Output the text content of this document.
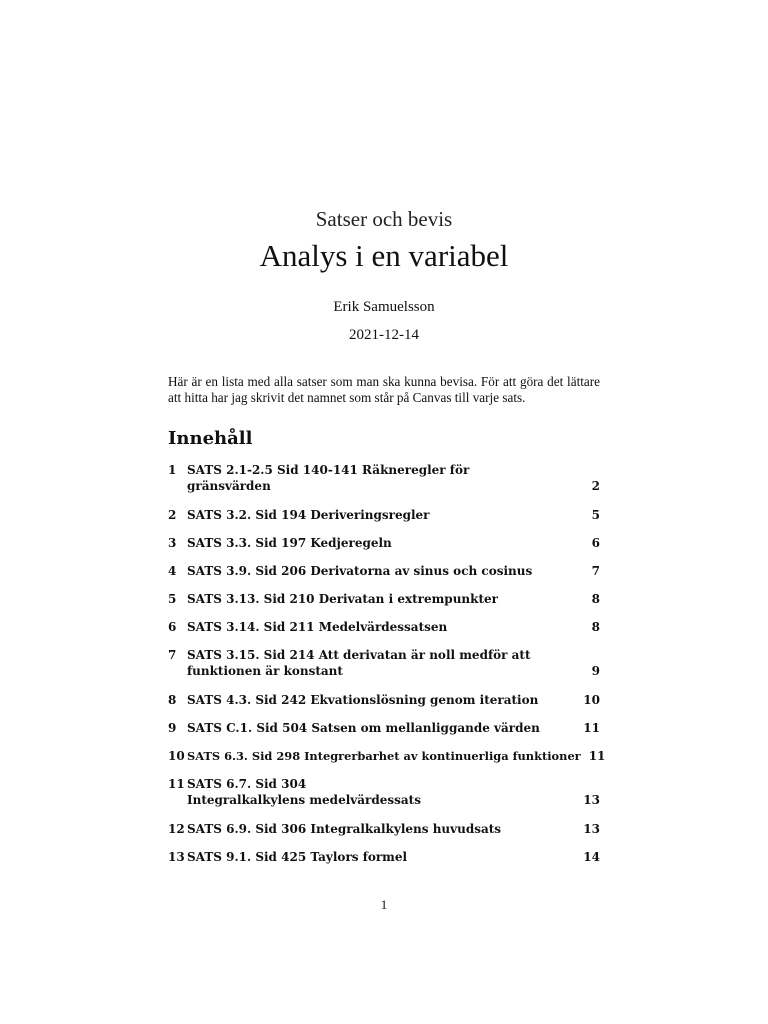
Satser och bevis
Analys i en variabel
Erik Samuelsson
2021-12-14

Här är en lista med alla satser som man ska kunna bevisa. För att göra det lättare att hitta har jag skrivit det namnet som står på Canvas till varje sats.

Innehåll
1 SATS 2.1-2.5 Sid 140-141 Räkneregler för gränsvärden	2
2 SATS 3.2. Sid 194 Deriveringsregler	5
3 SATS 3.3. Sid 197 Kedjeregeln	6
4 SATS 3.9. Sid 206 Derivatorna av sinus och cosinus	7
5 SATS 3.13. Sid 210 Derivatan i extrempunkter	8
6 SATS 3.14. Sid 211 Medelvärdessatsen	8
7 SATS 3.15. Sid 214 Att derivatan är noll medför att funktionen är konstant	9
8 SATS 4.3. Sid 242 Ekvationslösning genom iteration	10
9 SATS C.1. Sid 504 Satsen om mellanliggande värden	11
10 SATS 6.3. Sid 298 Integrerbarhet av kontinuerliga funktioner 11
11 SATS 6.7. Sid 304 Integralkalkylens medelvärdessats	13
12 SATS 6.9. Sid 306 Integralkalkylens huvudsats	13
13 SATS 9.1. Sid 425 Taylors formel	14
1
